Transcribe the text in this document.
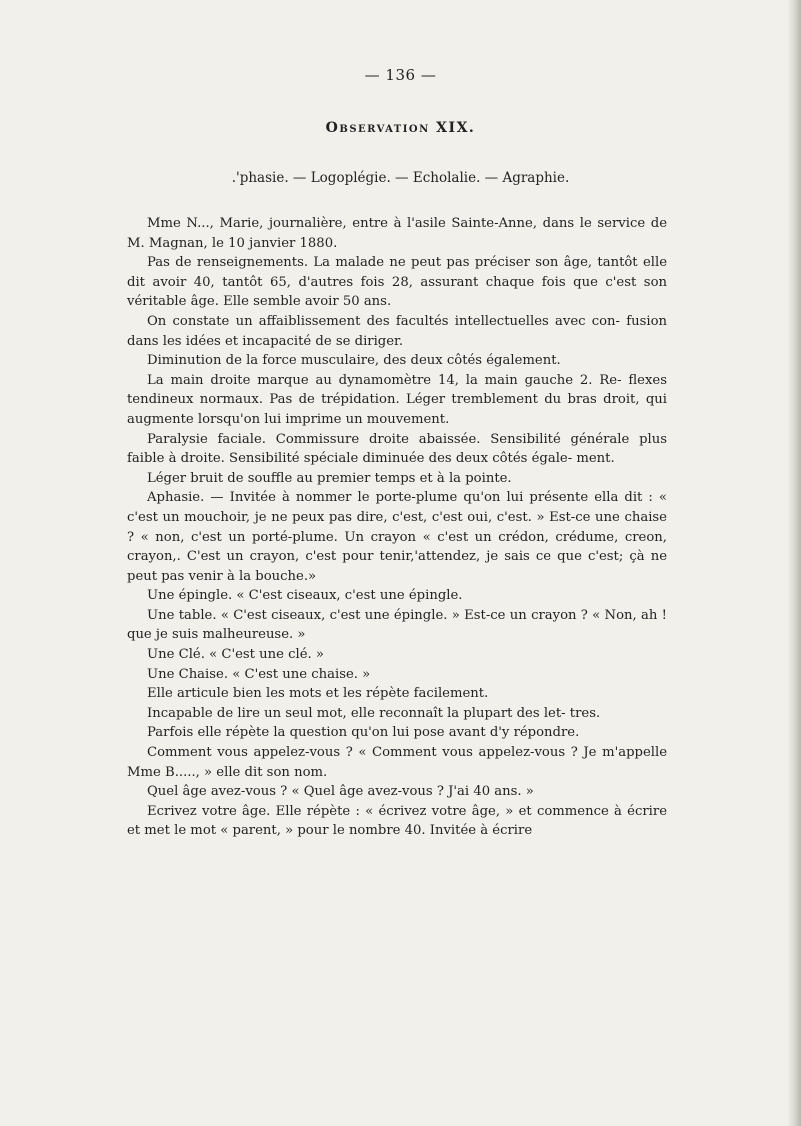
— 136 —
Observation XIX.
.'phasie. — Logoplégie. — Echolalie. — Agraphie.

Mme N..., Marie, journalière, entre à l'asile Sainte-Anne, dans le service de M. Magnan, le 10 janvier 1880.

Pas de renseignements. La malade ne peut pas préciser son âge, tantôt elle dit avoir 40, tantôt 65, d'autres fois 28, assurant chaque fois que c'est son véritable âge. Elle semble avoir 50 ans.

On constate un affaiblissement des facultés intellectuelles avec con- fusion dans les idées et incapacité de se diriger.

Diminution de la force musculaire, des deux côtés également.

La main droite marque au dynamomètre 14, la main gauche 2. Re- flexes tendineux normaux. Pas de trépidation. Léger tremblement du bras droit, qui augmente lorsqu'on lui imprime un mouvement.

Paralysie faciale. Commissure droite abaissée. Sensibilité générale plus faible à droite. Sensibilité spéciale diminuée des deux côtés égale- ment.

Léger bruit de souffle au premier temps et à la pointe.

Aphasie. — Invitée à nommer le porte-plume qu'on lui présente ella dit : « c'est un mouchoir, je ne peux pas dire, c'est, c'est oui, c'est. » Est-ce une chaise ? « non, c'est un porté-plume. Un crayon « c'est un crédon, crédume, creon, crayon,. C'est un crayon, c'est pour tenir,'attendez, je sais ce que c'est; çà ne peut pas venir à la bouche.»

Une épingle. « C'est ciseaux, c'est une épingle.

Une table. « C'est ciseaux, c'est une épingle. » Est-ce un crayon ? « Non, ah ! que je suis malheureuse. »

Une Clé. « C'est une clé. »

Une Chaise. « C'est une chaise. »

Elle articule bien les mots et les répète facilement.

Incapable de lire un seul mot, elle reconnaît la plupart des let- tres.

Parfois elle répète la question qu'on lui pose avant d'y répondre.

Comment vous appelez-vous ? « Comment vous appelez-vous ? Je m'appelle Mme B....., » elle dit son nom.

Quel âge avez-vous ? « Quel âge avez-vous ? J'ai 40 ans. »

Ecrivez votre âge. Elle répète : « écrivez votre âge, » et commence à écrire et met le mot « parent, » pour le nombre 40. Invitée à écrire
